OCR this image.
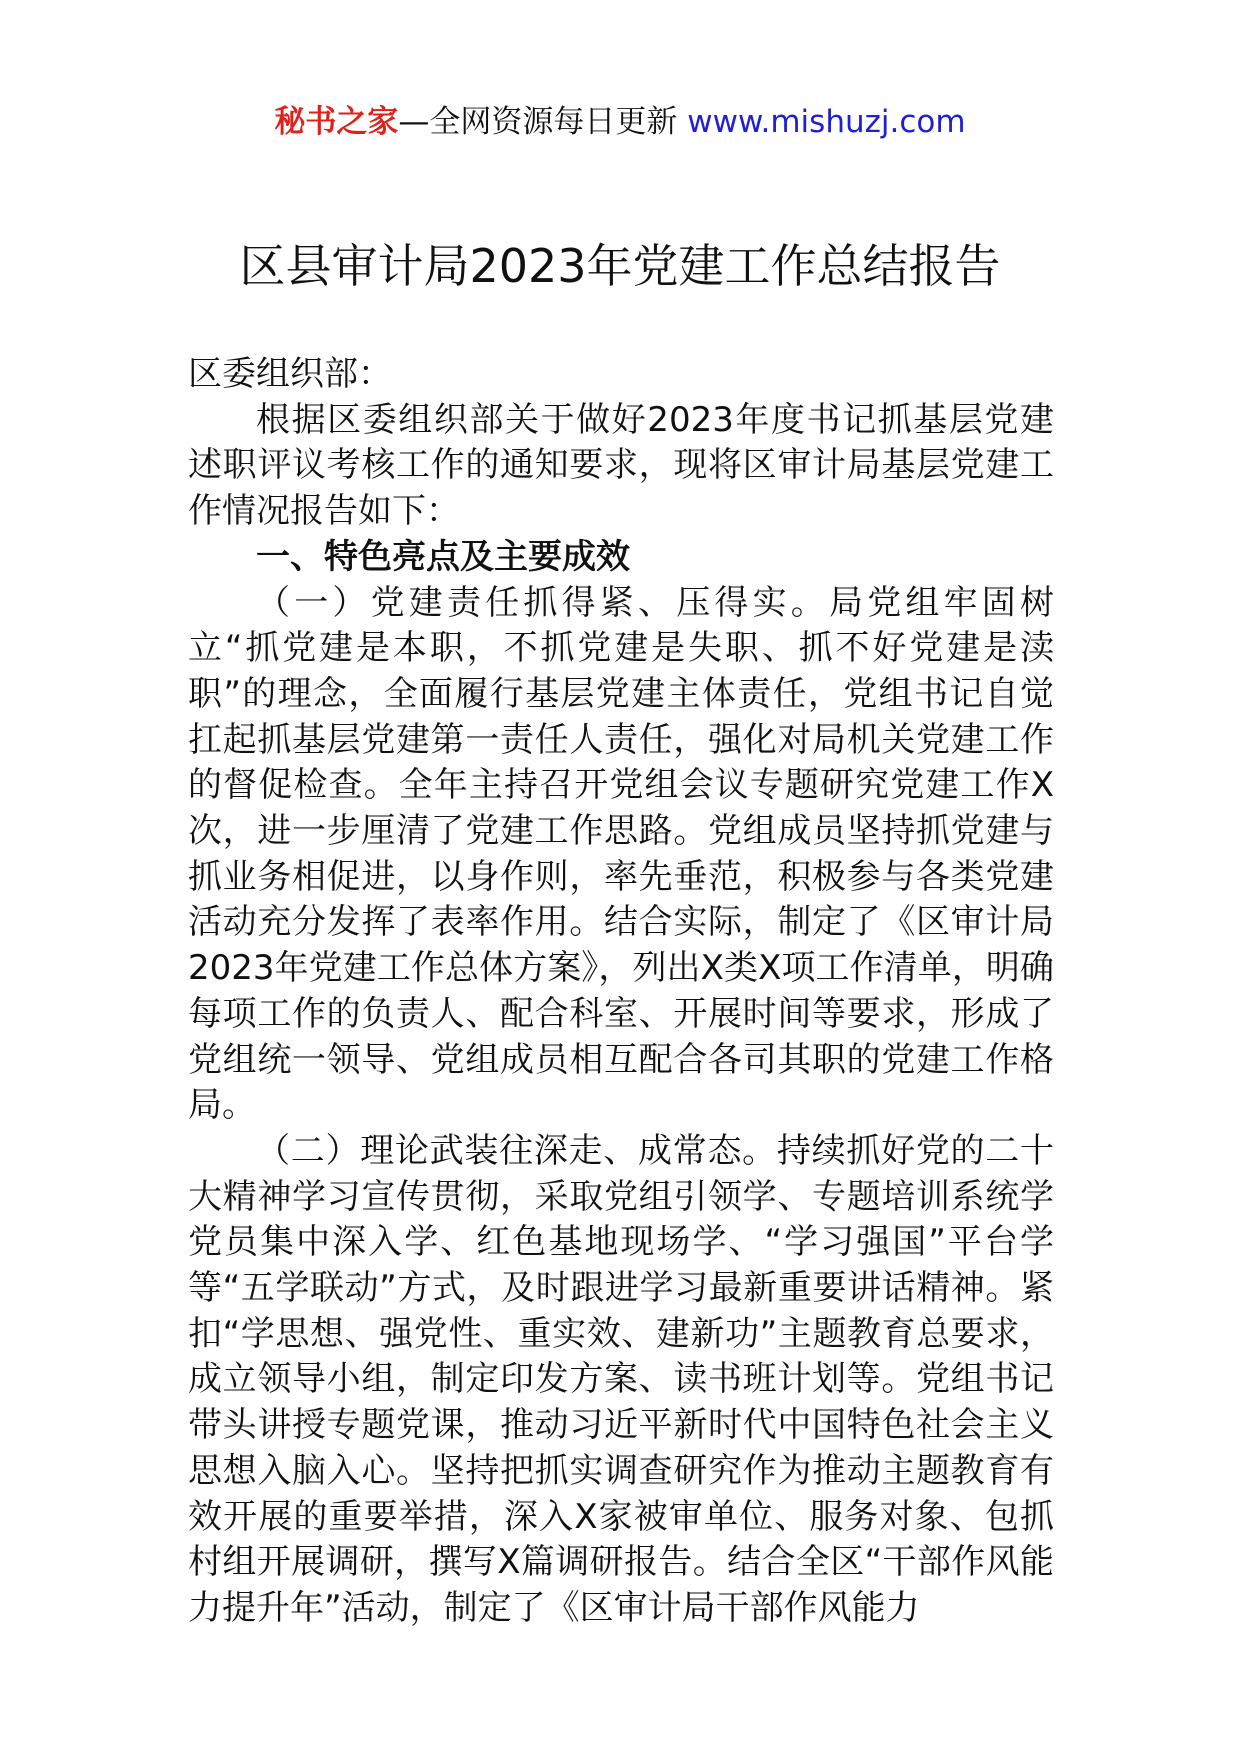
秘书之家—全网资源每日更新 www.mishuzj.com
区县审计局2023年党建工作总结报告

区委组织部：

根据区委组织部关于做好2023年度书记抓基层党建述职评议考核工作的通知要求，现将区审计局基层党建工作情况报告如下：

一、特色亮点及主要成效

（一）党建责任抓得紧、压得实。局党组牢固树立“抓党建是本职，不抓党建是失职、抓不好党建是渎职”的理念，全面履行基层党建主体责任，党组书记自觉扛起抓基层党建第一责任人责任，强化对局机关党建工作的督促检查。全年主持召开党组会议专题研究党建工作X次，进一步厘清了党建工作思路。党组成员坚持抓党建与抓业务相促进，以身作则，率先垂范，积极参与各类党建活动充分发挥了表率作用。结合实际，制定了《区审计局2023年党建工作总体方案》，列出X类X项工作清单，明确每项工作的负责人、配合科室、开展时间等要求，形成了党组统一领导、党组成员相互配合各司其职的党建工作格局。

（二）理论武装往深走、成常态。持续抓好党的二十大精神学习宣传贯彻，采取党组引领学、专题培训系统学党员集中深入学、红色基地现场学、“学习强国”平台学等“五学联动”方式，及时跟进学习最新重要讲话精神。紧扣“学思想、强党性、重实效、建新功”主题教育总要求，成立领导小组，制定印发方案、读书班计划等。党组书记带头讲授专题党课，推动习近平新时代中国特色社会主义思想入脑入心。坚持把抓实调查研究作为推动主题教育有效开展的重要举措，深入X家被审单位、服务对象、包抓村组开展调研，撰写X篇调研报告。结合全区“干部作风能力提升年”活动，制定了《区审计局干部作风能力
